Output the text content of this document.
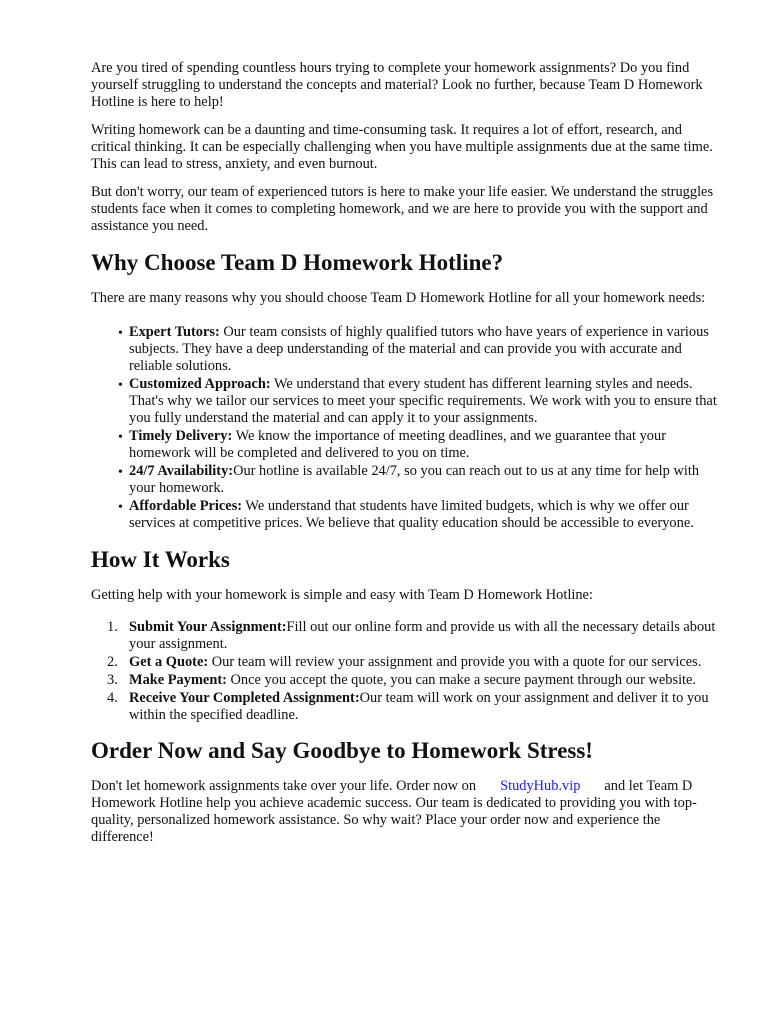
Are you tired of spending countless hours trying to complete your homework assignments? Do you find yourself struggling to understand the concepts and material? Look no further, because Team D Homework Hotline is here to help!

Writing homework can be a daunting and time-consuming task. It requires a lot of effort, research, and critical thinking. It can be especially challenging when you have multiple assignments due at the same time. This can lead to stress, anxiety, and even burnout.

But don't worry, our team of experienced tutors is here to make your life easier. We understand the struggles students face when it comes to completing homework, and we are here to provide you with the support and assistance you need.

Why Choose Team D Homework Hotline?

There are many reasons why you should choose Team D Homework Hotline for all your homework needs:

• Expert Tutors: Our team consists of highly qualified tutors who have years of experience in various subjects. They have a deep understanding of the material and can provide you with accurate and reliable solutions.
• Customized Approach: We understand that every student has different learning styles and needs. That's why we tailor our services to meet your specific requirements. We work with you to ensure that you fully understand the material and can apply it to your assignments.
• Timely Delivery: We know the importance of meeting deadlines, and we guarantee that your homework will be completed and delivered to you on time.
• 24/7 Availability:Our hotline is available 24/7, so you can reach out to us at any time for help with your homework.
• Affordable Prices: We understand that students have limited budgets, which is why we offer our services at competitive prices. We believe that quality education should be accessible to everyone.
How It Works

Getting help with your homework is simple and easy with Team D Homework Hotline:

1. Submit Your Assignment:Fill out our online form and provide us with all the necessary details about your assignment.
2. Get a Quote: Our team will review your assignment and provide you with a quote for our services.
3. Make Payment: Once you accept the quote, you can make a secure payment through our website.
4. Receive Your Completed Assignment:Our team will work on your assignment and deliver it to you within the specified deadline.
Order Now and Say Goodbye to Homework Stress!

Don't let homework assignments take over your life. Order now on StudyHub.vip and let Team D Homework Hotline help you achieve academic success. Our team is dedicated to providing you with top-quality, personalized homework assistance. So why wait? Place your order now and experience the difference!
